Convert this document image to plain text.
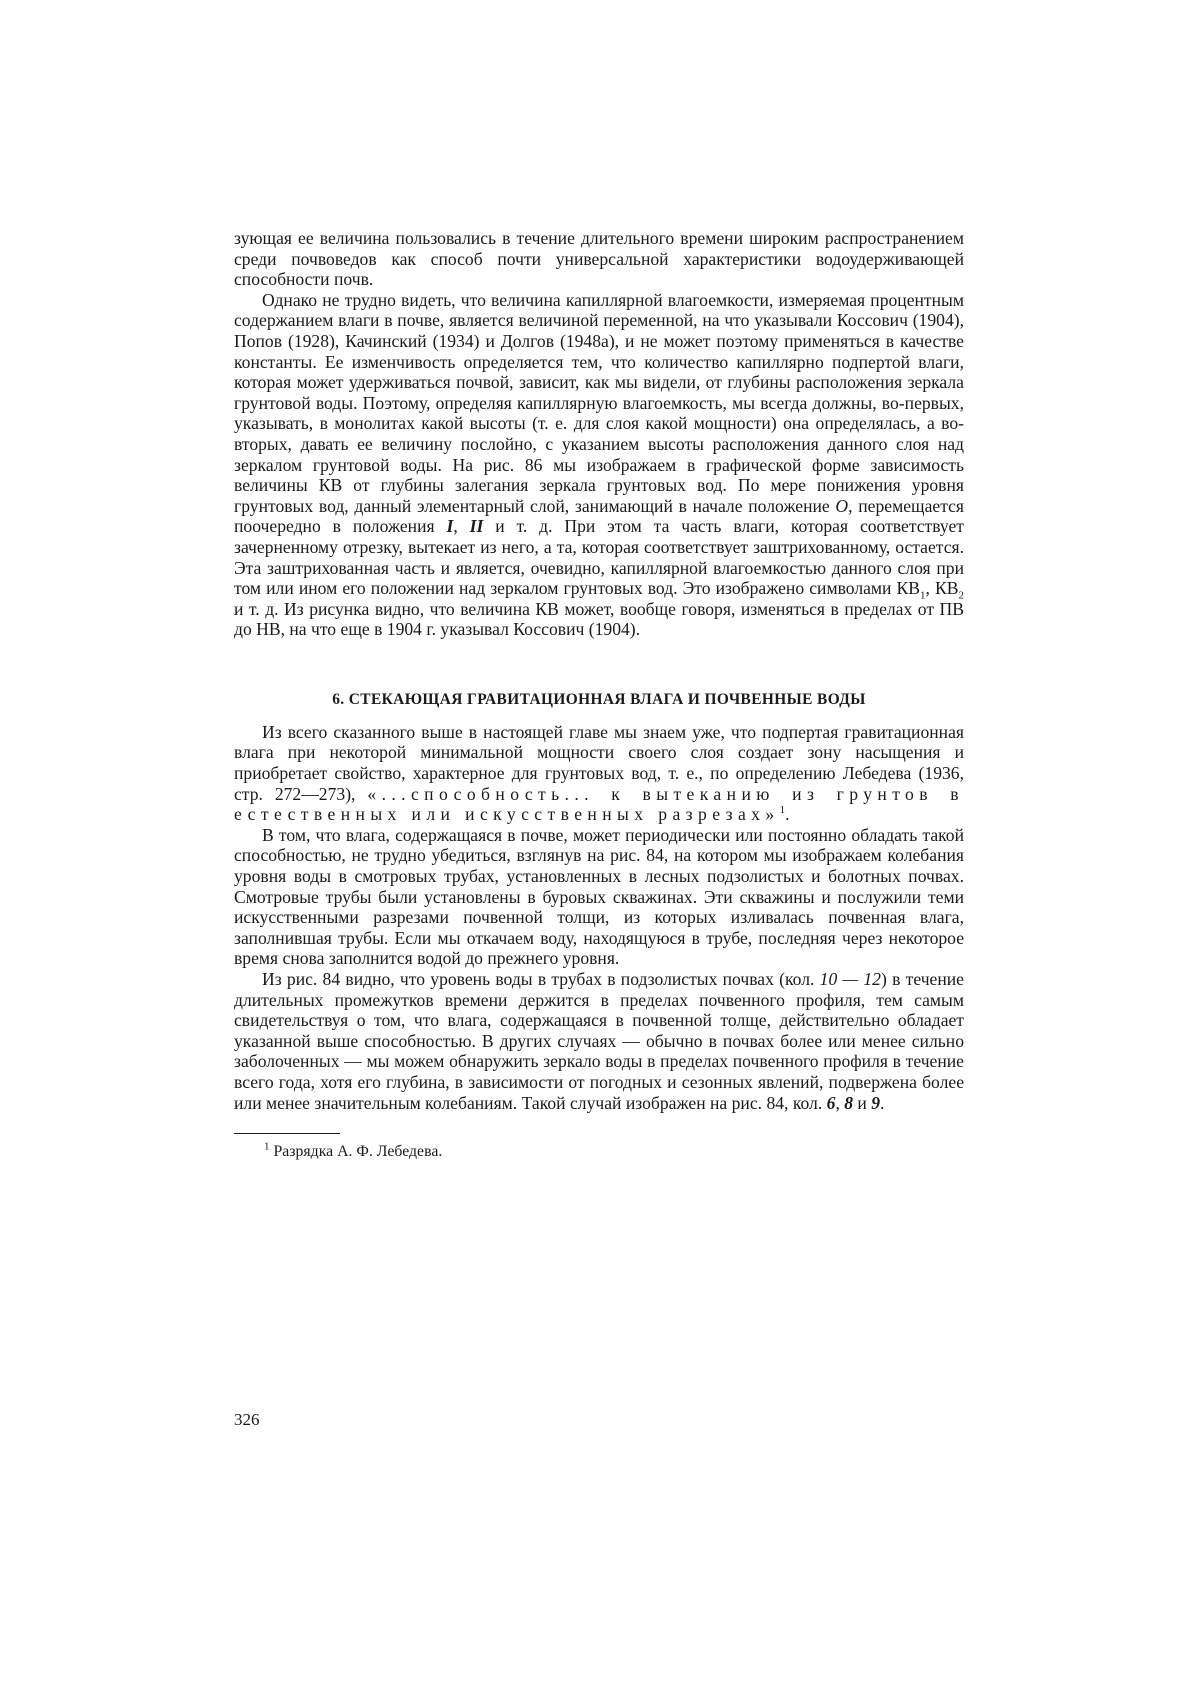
зующая ее величина пользовались в течение длительного времени широким распространением среди почвоведов как способ почти универсальной характеристики водоудерживающей способности почв.

Однако не трудно видеть, что величина капиллярной влагоемкости, измеряемая процентным содержанием влаги в почве, является величиной переменной, на что указывали Коссович (1904), Попов (1928), Качинский (1934) и Долгов (1948а), и не может поэтому применяться в качестве константы. Ее изменчивость определяется тем, что количество капиллярно подпертой влаги, которая может удерживаться почвой, зависит, как мы видели, от глубины расположения зеркала грунтовой воды. Поэтому, определяя капиллярную влагоемкость, мы всегда должны, во-первых, указывать, в монолитах какой высоты (т. е. для слоя какой мощности) она определялась, а во-вторых, давать ее величину послойно, с указанием высоты расположения данного слоя над зеркалом грунтовой воды. На рис. 86 мы изображаем в графической форме зависимость величины КВ от глубины залегания зеркала грунтовых вод. По мере понижения уровня грунтовых вод, данный элементарный слой, занимающий в начале положение O, перемещается поочередно в положения I, II и т. д. При этом та часть влаги, которая соответствует зачерненному отрезку, вытекает из него, а та, которая соответствует заштрихованному, остается. Эта заштрихованная часть и является, очевидно, капиллярной влагоемкостью данного слоя при том или ином его положении над зеркалом грунтовых вод. Это изображено символами $КВ_1$, $КВ_2$ и т. д. Из рисунка видно, что величина КВ может, вообще говоря, изменяться в пределах от ПВ до НВ, на что еще в 1904 г. указывал Коссович (1904).

6. СТЕКАЮЩАЯ ГРАВИТАЦИОННАЯ ВЛАГА И ПОЧВЕННЫЕ ВОДЫ

Из всего сказанного выше в настоящей главе мы знаем уже, что подпертая гравитационная влага при некоторой минимальной мощности своего слоя создает зону насыщения и приобретает свойство, характерное для грунтовых вод, т. е., по определению Лебедева (1936, стр. 272—273), «...способность... к вытеканию из грунтов в естественных или искусственных разрезах»$^1$.

В том, что влага, содержащаяся в почве, может периодически или постоянно обладать такой способностью, не трудно убедиться, взглянув на рис. 84, на котором мы изображаем колебания уровня воды в смотровых трубах, установленных в лесных подзолистых и болотных почвах. Смотровые трубы были установлены в буровых скважинах. Эти скважины и послужили теми искусственными разрезами почвенной толщи, из которых изливалась почвенная влага, заполнившая трубы. Если мы откачаем воду, находящуюся в трубе, последняя через некоторое время снова заполнится водой до прежнего уровня.

Из рис. 84 видно, что уровень воды в трубах в подзолистых почвах (кол. 10 — 12) в течение длительных промежутков времени держится в пределах почвенного профиля, тем самым свидетельствуя о том, что влага, содержащаяся в почвенной толще, действительно обладает указанной выше способностью. В других случаях — обычно в почвах более или менее сильно заболоченных — мы можем обнаружить зеркало воды в пределах почвенного профиля в течение всего года, хотя его глубина, в зависимости от погодных и сезонных явлений, подвержена более или менее значительным колебаниям. Такой случай изображен на рис. 84, кол. 6, 8 и 9.

$^1$ Разрядка А. Ф. Лебедева.

326
